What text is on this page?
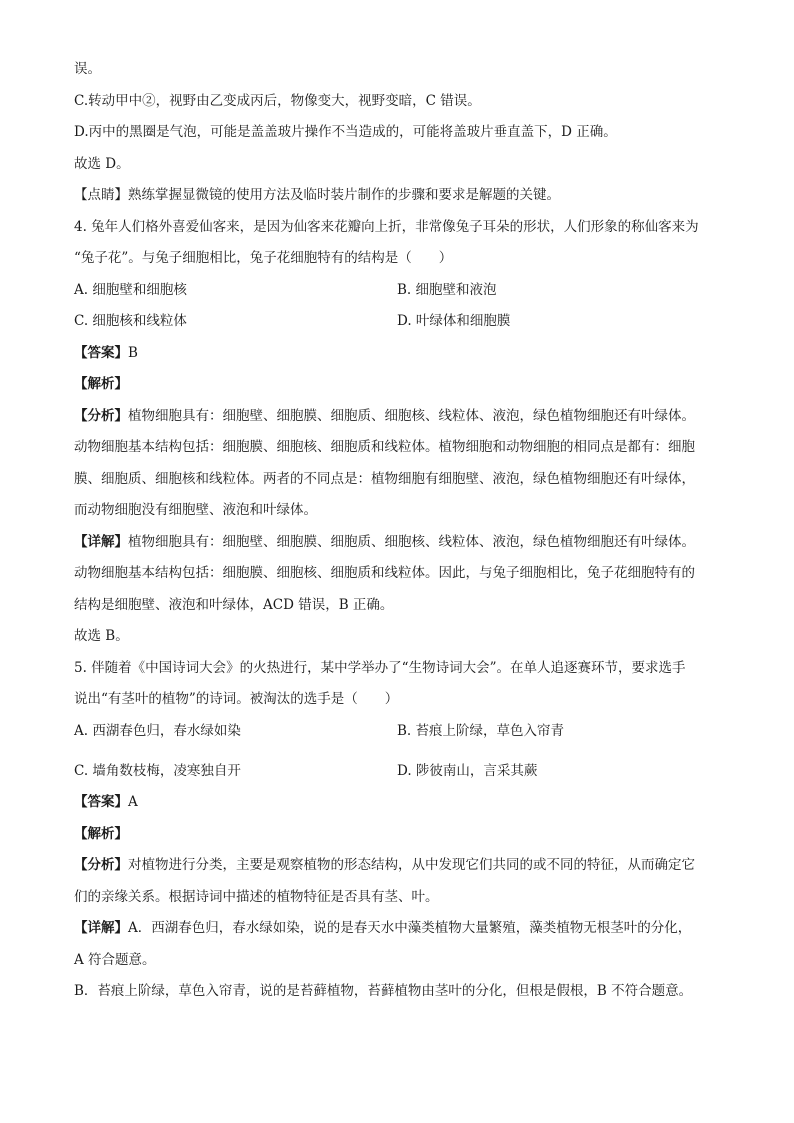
误。
C.转动甲中②，视野由乙变成丙后，物像变大，视野变暗，C 错误。
D.丙中的黑圈是气泡，可能是盖盖玻片操作不当造成的，可能将盖玻片垂直盖下，D 正确。
故选 D。
【点睛】熟练掌握显微镜的使用方法及临时装片制作的步骤和要求是解题的关键。
4. 兔年人们格外喜爱仙客来，是因为仙客来花瓣向上折，非常像兔子耳朵的形状，人们形象的称仙客来为
“兔子花”。与兔子细胞相比，兔子花细胞特有的结构是（　　）
A. 细胞壁和细胞核	B. 细胞壁和液泡
C. 细胞核和线粒体	D. 叶绿体和细胞膜
【答案】B
【解析】
【分析】植物细胞具有：细胞壁、细胞膜、细胞质、细胞核、线粒体、液泡，绿色植物细胞还有叶绿体。
动物细胞基本结构包括：细胞膜、细胞核、细胞质和线粒体。植物细胞和动物细胞的相同点是都有：细胞
膜、细胞质、细胞核和线粒体。两者的不同点是：植物细胞有细胞壁、液泡，绿色植物细胞还有叶绿体，
而动物细胞没有细胞壁、液泡和叶绿体。
【详解】植物细胞具有：细胞壁、细胞膜、细胞质、细胞核、线粒体、液泡，绿色植物细胞还有叶绿体。
动物细胞基本结构包括：细胞膜、细胞核、细胞质和线粒体。因此，与兔子细胞相比，兔子花细胞特有的
结构是细胞壁、液泡和叶绿体，ACD 错误，B 正确。
故选 B。
5. 伴随着《中国诗词大会》的火热进行，某中学举办了“生物诗词大会”。在单人追逐赛环节，要求选手
说出“有茎叶的植物”的诗词。被淘汰的选手是（　　）
A. 西湖春色归，春水绿如染	B. 苔痕上阶绿，草色入帘青
C. 墙角数枝梅，凌寒独自开	D. 陟彼南山，言采其蕨
【答案】A
【解析】
【分析】对植物进行分类，主要是观察植物的形态结构，从中发现它们共同的或不同的特征，从而确定它
们的亲缘关系。根据诗词中描述的植物特征是否具有茎、叶。
【详解】A．西湖春色归，春水绿如染，说的是春天水中藻类植物大量繁殖，藻类植物无根茎叶的分化，
A 符合题意。
B．苔痕上阶绿，草色入帘青，说的是苔藓植物，苔藓植物由茎叶的分化，但根是假根，B 不符合题意。
